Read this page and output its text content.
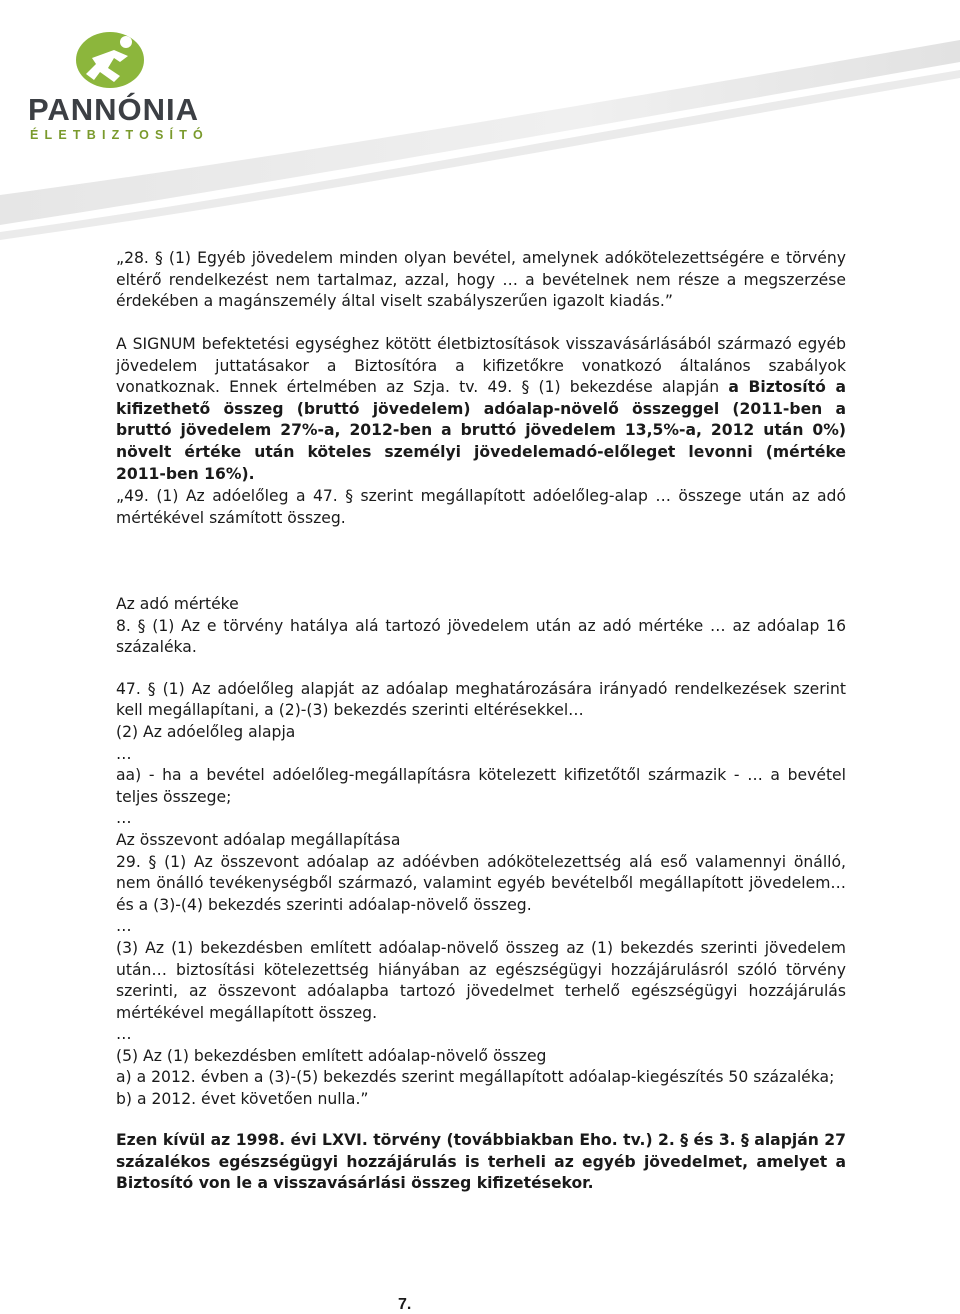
PANNÓNIA
ÉLETBIZTOSÍTÓ

„28. § (1) Egyéb jövedelem minden olyan bevétel, amelynek adókötelezettségére e törvény eltérő rendelkezést nem tartalmaz, azzal, hogy … a bevételnek nem része a megszerzése érdekében a magánszemély által viselt szabályszerűen igazolt kiadás.”

A SIGNUM befektetési egységhez kötött életbiztosítások visszavásárlásából származó egyéb jövedelem juttatásakor a Biztosítóra a kifizetőkre vonatkozó általános szabályok vonatkoznak. Ennek értelmében az Szja. tv. 49. § (1) bekezdése alapján a Biztosító a kifizethető összeg (bruttó jövedelem) adóalap-növelő összeggel (2011-ben a bruttó jövedelem 27%-a, 2012-ben a bruttó jövedelem 13,5%-a, 2012 után 0%) növelt értéke után köteles személyi jövedelemadó-előleget levonni (mértéke 2011-ben 16%).

„49. (1) Az adóelőleg a 47. § szerint megállapított adóelőleg-alap … összege után az adó mértékével számított összeg.

Az adó mértéke
8. § (1) Az e törvény hatálya alá tartozó jövedelem után az adó mértéke … az adóalap 16 százaléka.
47. § (1) Az adóelőleg alapját az adóalap meghatározására irányadó rendelkezések szerint kell megállapítani, a (2)-(3) bekezdés szerinti eltérésekkel…
(2) Az adóelőleg alapja
…
aa) - ha a bevétel adóelőleg-megállapításra kötelezett kifizetőtől származik - … a bevétel teljes összege;
…
Az összevont adóalap megállapítása
29. § (1) Az összevont adóalap az adóévben adókötelezettség alá eső valamennyi önálló, nem önálló tevékenységből származó, valamint egyéb bevételből megállapított jövedelem… és a (3)-(4) bekezdés szerinti adóalap-növelő összeg.
…
(3) Az (1) bekezdésben említett adóalap-növelő összeg az (1) bekezdés szerinti jövedelem után… biztosítási kötelezettség hiányában az egészségügyi hozzájárulásról szóló törvény szerinti, az összevont adóalapba tartozó jövedelmet terhelő egészségügyi hozzájárulás mértékével megállapított összeg.
…
(5) Az (1) bekezdésben említett adóalap-növelő összeg
a) a 2012. évben a (3)-(5) bekezdés szerint megállapított adóalap-kiegészítés 50 százaléka;
b) a 2012. évet követően nulla.”

Ezen kívül az 1998. évi LXVI. törvény (továbbiakban Eho. tv.) 2. § és 3. § alapján 27 százalékos egészségügyi hozzájárulás is terheli az egyéb jövedelmet, amelyet a Biztosító von le a visszavásárlási összeg kifizetésekor.

7.
